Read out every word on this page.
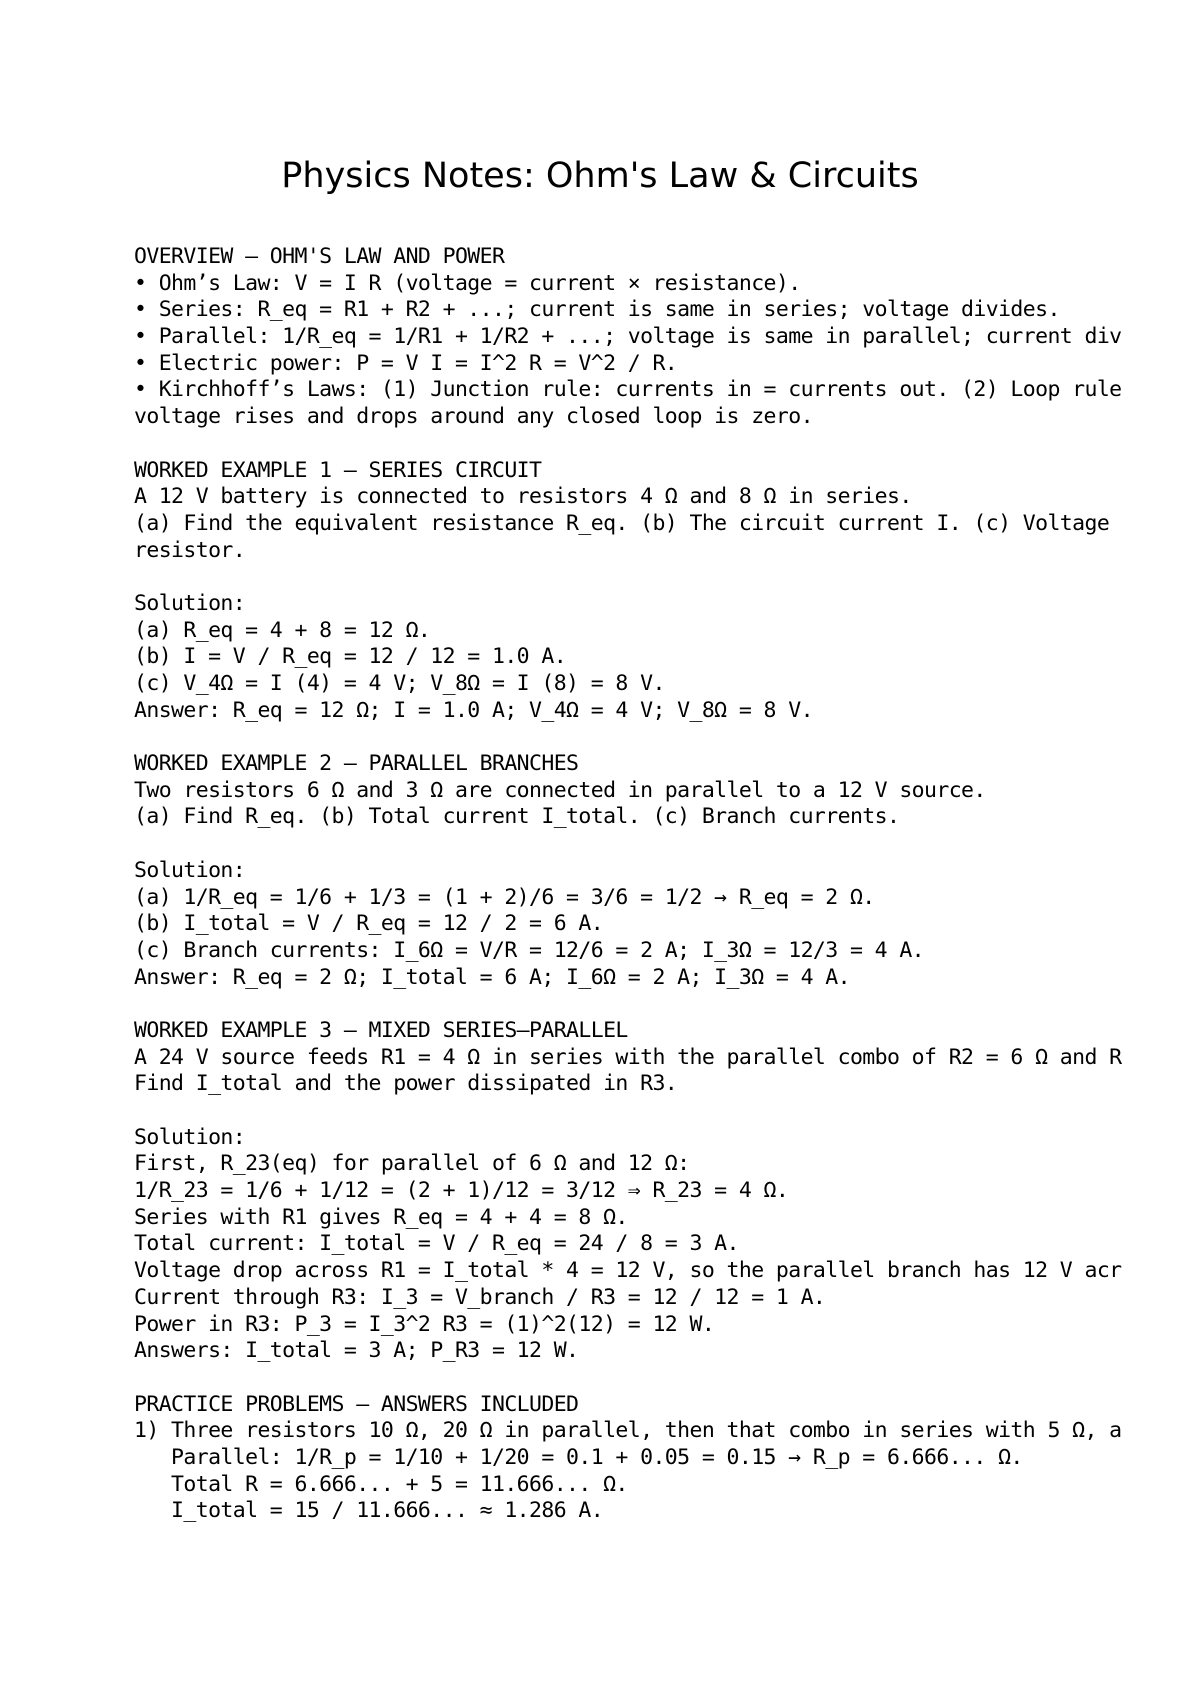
Physics Notes: Ohm's Law & Circuits
OVERVIEW — OHM'S LAW AND POWER
• Ohm’s Law: V = I R (voltage = current × resistance).
• Series: R_eq = R1 + R2 + ...; current is same in series; voltage divides.
• Parallel: 1/R_eq = 1/R1 + 1/R2 + ...; voltage is same in parallel; current div
• Electric power: P = V I = I^2 R = V^2 / R.
• Kirchhoff’s Laws: (1) Junction rule: currents in = currents out. (2) Loop rule
voltage rises and drops around any closed loop is zero.
WORKED EXAMPLE 1 — SERIES CIRCUIT
A 12 V battery is connected to resistors 4 Ω and 8 Ω in series.
(a) Find the equivalent resistance R_eq. (b) The circuit current I. (c) Voltage
resistor.
Solution:
(a) R_eq = 4 + 8 = 12 Ω.
(b) I = V / R_eq = 12 / 12 = 1.0 A.
(c) V_4Ω = I (4) = 4 V; V_8Ω = I (8) = 8 V.
Answer: R_eq = 12 Ω; I = 1.0 A; V_4Ω = 4 V; V_8Ω = 8 V.
WORKED EXAMPLE 2 — PARALLEL BRANCHES
Two resistors 6 Ω and 3 Ω are connected in parallel to a 12 V source.
(a) Find R_eq. (b) Total current I_total. (c) Branch currents.
Solution:
(a) 1/R_eq = 1/6 + 1/3 = (1 + 2)/6 = 3/6 = 1/2 → R_eq = 2 Ω.
(b) I_total = V / R_eq = 12 / 2 = 6 A.
(c) Branch currents: I_6Ω = V/R = 12/6 = 2 A; I_3Ω = 12/3 = 4 A.
Answer: R_eq = 2 Ω; I_total = 6 A; I_6Ω = 2 A; I_3Ω = 4 A.
WORKED EXAMPLE 3 — MIXED SERIES–PARALLEL
A 24 V source feeds R1 = 4 Ω in series with the parallel combo of R2 = 6 Ω and R
Find I_total and the power dissipated in R3.
Solution:
First, R_23(eq) for parallel of 6 Ω and 12 Ω:
1/R_23 = 1/6 + 1/12 = (2 + 1)/12 = 3/12 ⇒ R_23 = 4 Ω.
Series with R1 gives R_eq = 4 + 4 = 8 Ω.
Total current: I_total = V / R_eq = 24 / 8 = 3 A.
Voltage drop across R1 = I_total * 4 = 12 V, so the parallel branch has 12 V acr
Current through R3: I_3 = V_branch / R3 = 12 / 12 = 1 A.
Power in R3: P_3 = I_3^2 R3 = (1)^2(12) = 12 W.
Answers: I_total = 3 A; P_R3 = 12 W.
PRACTICE PROBLEMS — ANSWERS INCLUDED
1) Three resistors 10 Ω, 20 Ω in parallel, then that combo in series with 5 Ω, a
Parallel: 1/R_p = 1/10 + 1/20 = 0.1 + 0.05 = 0.15 → R_p = 6.666... Ω.
Total R = 6.666... + 5 = 11.666... Ω.
I_total = 15 / 11.666... ≈ 1.286 A.
